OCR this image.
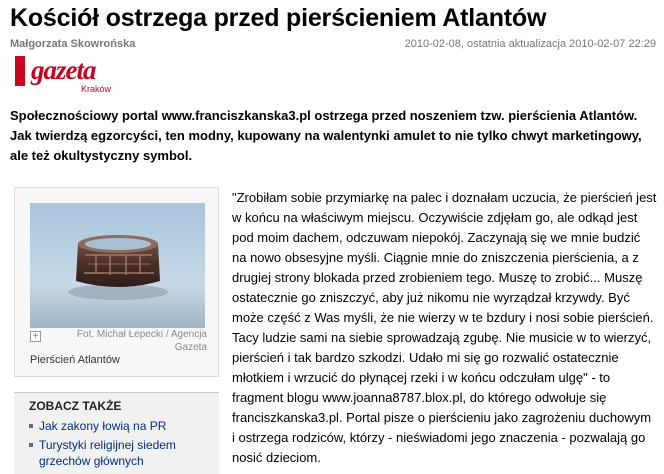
Kościół ostrzega przed pierścieniem Atlantów
Małgorzata Skowrońska	2010-02-08, ostatnia aktualizacja 2010-02-07 22:29
gazeta
Kraków

Społecznościowy portal www.franciszkanska3.pl ostrzega przed noszeniem tzw. pierścienia Atlantów. Jak twierdzą egzorcyści, ten modny, kupowany na walentynki amulet to nie tylko chwyt marketingowy, ale też okultystyczny symbol.

+	Fot. Michał Łepecki / Agencja Gazeta
Pierścień Atlantów
ZOBACZ TAKŻE
Jak zakony łowią na PR
Turystyki religijnej siedem grzechów głównych

"Zrobiłam sobie przymiarkę na palec i doznałam uczucia, że pierścień jest w końcu na właściwym miejscu. Oczywiście zdjęłam go, ale odkąd jest pod moim dachem, odczuwam niepokój. Zaczynają się we mnie budzić na nowo obsesyjne myśli. Ciągnie mnie do zniszczenia pierścienia, a z drugiej strony blokada przed zrobieniem tego. Muszę to zrobić... Muszę ostatecznie go zniszczyć, aby już nikomu nie wyrządzał krzywdy. Być może część z Was myśli, że nie wierzy w te bzdury i nosi sobie pierścień. Tacy ludzie sami na siebie sprowadzają zgubę. Nie musicie w to wierzyć, pierścień i tak bardzo szkodzi. Udało mi się go rozwalić ostatecznie młotkiem i wrzucić do płynącej rzeki i w końcu odczułam ulgę" - to fragment blogu www.joanna8787.blox.pl, do którego odwołuje się franciszkanska3.pl. Portal pisze o pierścieniu jako zagrożeniu duchowym i ostrzega rodziców, którzy - nieświadomi jego znaczenia - pozwalają go nosić dzieciom.
